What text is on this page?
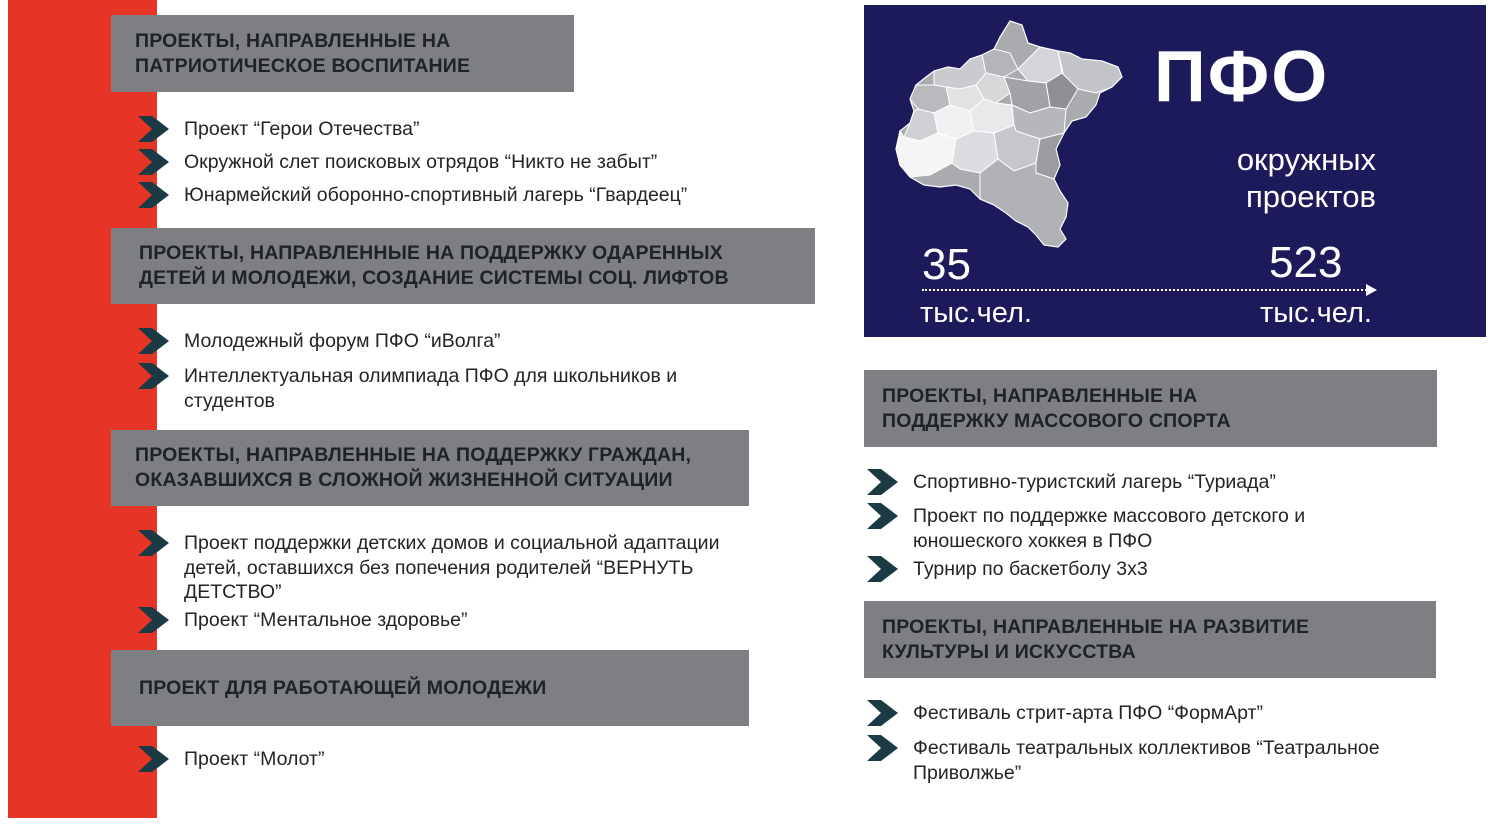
ПРОЕКТЫ, НАПРАВЛЕННЫЕ НА ПАТРИОТИЧЕСКОЕ ВОСПИТАНИЕ
Проект “Герои Отечества”
Окружной слет поисковых отрядов “Никто не забыт”
Юнармейский оборонно-спортивный лагерь “Гвардеец”
ПРОЕКТЫ, НАПРАВЛЕННЫЕ НА ПОДДЕРЖКУ ОДАРЕННЫХ ДЕТЕЙ И МОЛОДЕЖИ, СОЗДАНИЕ СИСТЕМЫ СОЦ. ЛИФТОВ
Молодежный форум ПФО “иВолга”
Интеллектуальная олимпиада ПФО для школьников и студентов
ПРОЕКТЫ, НАПРАВЛЕННЫЕ НА ПОДДЕРЖКУ ГРАЖДАН, ОКАЗАВШИХСЯ В СЛОЖНОЙ ЖИЗНЕННОЙ СИТУАЦИИ
Проект поддержки детских домов и социальной адаптации детей, оставшихся без попечения родителей “ВЕРНУТЬ ДЕТСТВО”
Проект “Ментальное здоровье”
ПРОЕКТ ДЛЯ РАБОТАЮЩЕЙ МОЛОДЕЖИ
Проект “Молот”
ПФО
окружных проектов
35	523
тыс.чел.	тыс.чел.
ПРОЕКТЫ, НАПРАВЛЕННЫЕ НА ПОДДЕРЖКУ МАССОВОГО СПОРТА
Спортивно-туристский лагерь “Туриада”
Проект по поддержке массового детского и юношеского хоккея в ПФО
Турнир по баскетболу 3х3
ПРОЕКТЫ, НАПРАВЛЕННЫЕ НА РАЗВИТИЕ КУЛЬТУРЫ И ИСКУССТВА
Фестиваль стрит-арта ПФО “ФормАрт”
Фестиваль театральных коллективов “Театральное Приволжье”
